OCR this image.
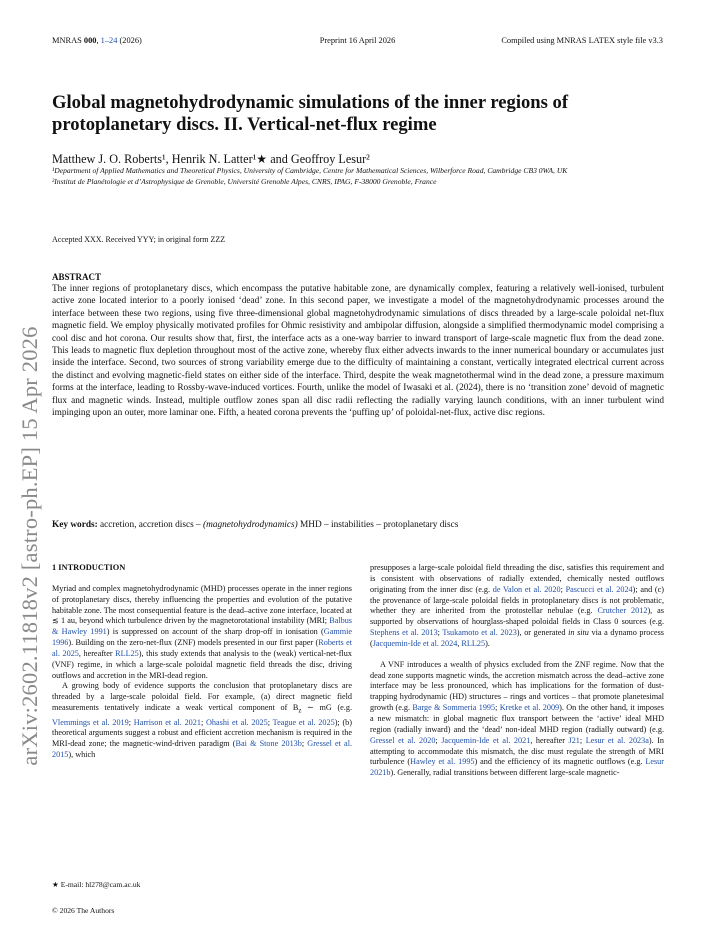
MNRAS 000, 1–24 (2026)	Preprint 16 April 2026	Compiled using MNRAS LATEX style file v3.3
arXiv:2602.11818v2 [astro-ph.EP] 15 Apr 2026
Global magnetohydrodynamic simulations of the inner regions of protoplanetary discs. II. Vertical-net-flux regime
Matthew J. O. Roberts¹, Henrik N. Latter¹★ and Geoffroy Lesur²
¹Department of Applied Mathematics and Theoretical Physics, University of Cambridge, Centre for Mathematical Sciences, Wilberforce Road, Cambridge CB3 0WA, UK
²Institut de Planétologie et d’Astrophysique de Grenoble, Université Grenoble Alpes, CNRS, IPAG, F-38000 Grenoble, France
Accepted XXX. Received YYY; in original form ZZZ
ABSTRACT
The inner regions of protoplanetary discs, which encompass the putative habitable zone, are dynamically complex, featuring a relatively well-ionised, turbulent active zone located interior to a poorly ionised ‘dead’ zone. In this second paper, we investigate a model of the magnetohydrodynamic processes around the interface between these two regions, using five three-dimensional global magnetohydrodynamic simulations of discs threaded by a large-scale poloidal net-flux magnetic field. We employ physically motivated profiles for Ohmic resistivity and ambipolar diffusion, alongside a simplified thermodynamic model comprising a cool disc and hot corona. Our results show that, first, the interface acts as a one-way barrier to inward transport of large-scale magnetic flux from the dead zone. This leads to magnetic flux depletion throughout most of the active zone, whereby flux either advects inwards to the inner numerical boundary or accumulates just inside the interface. Second, two sources of strong variability emerge due to the difficulty of maintaining a constant, vertically integrated electrical current across the distinct and evolving magnetic-field states on either side of the interface. Third, despite the weak magnetothermal wind in the dead zone, a pressure maximum forms at the interface, leading to Rossby-wave-induced vortices. Fourth, unlike the model of Iwasaki et al. (2024), there is no ‘transition zone’ devoid of magnetic flux and magnetic winds. Instead, multiple outflow zones span all disc radii reflecting the radially varying launch conditions, with an inner turbulent wind impinging upon an outer, more laminar one. Fifth, a heated corona prevents the ‘puffing up’ of poloidal-net-flux, active disc regions.
Key words: accretion, accretion discs – (magnetohydrodynamics) MHD – instabilities – protoplanetary discs
1 INTRODUCTION

Myriad and complex magnetohydrodynamic (MHD) processes operate in the inner regions of protoplanetary discs, thereby influencing the properties and evolution of the putative habitable zone. The most consequential feature is the dead–active zone interface, located at ≲ 1 au, beyond which turbulence driven by the magnetorotational instability (MRI; Balbus & Hawley 1991) is suppressed on account of the sharp drop-off in ionisation (Gammie 1996). Building on the zero-net-flux (ZNF) models presented in our first paper (Roberts et al. 2025, hereafter RLL25), this study extends that analysis to the (weak) vertical-net-flux (VNF) regime, in which a large-scale poloidal magnetic field threads the disc, driving outflows and accretion in the MRI-dead region.

A growing body of evidence supports the conclusion that protoplanetary discs are threaded by a large-scale poloidal field. For example, (a) direct magnetic field measurements tentatively indicate a weak vertical component of $B_z$ ∼ mG (e.g. Vlemmings et al. 2019; Harrison et al. 2021; Ohashi et al. 2025; Teague et al. 2025); (b) theoretical arguments suggest a robust and efficient accretion mechanism is required in the MRI-dead zone; the magnetic-wind-driven paradigm (Bai & Stone 2013b; Gressel et al. 2015), which

presupposes a large-scale poloidal field threading the disc, satisfies this requirement and is consistent with observations of radially extended, chemically nested outflows originating from the inner disc (e.g. de Valon et al. 2020; Pascucci et al. 2024); and (c) the provenance of large-scale poloidal fields in protoplanetary discs is not problematic, whether they are inherited from the protostellar nebulae (e.g. Crutcher 2012), as supported by observations of hourglass-shaped poloidal fields in Class 0 sources (e.g. Stephens et al. 2013; Tsukamoto et al. 2023), or generated in situ via a dynamo process (Jacquemin-Ide et al. 2024, RLL25).

A VNF introduces a wealth of physics excluded from the ZNF regime. Now that the dead zone supports magnetic winds, the accretion mismatch across the dead–active zone interface may be less pronounced, which has implications for the formation of dust-trapping hydrodynamic (HD) structures – rings and vortices – that promote planetesimal growth (e.g. Barge & Sommeria 1995; Kretke et al. 2009). On the other hand, it imposes a new mismatch: in global magnetic flux transport between the ‘active’ ideal MHD region (radially inward) and the ‘dead’ non-ideal MHD region (radially outward) (e.g. Gressel et al. 2020; Jacquemin-Ide et al. 2021, hereafter J21; Lesur et al. 2023a). In attempting to accommodate this mismatch, the disc must regulate the strength of MRI turbulence (Hawley et al. 1995) and the efficiency of its magnetic outflows (e.g. Lesur 2021b). Generally, radial transitions between different large-scale magnetic-

★ E-mail: hl278@cam.ac.uk
© 2026 The Authors
